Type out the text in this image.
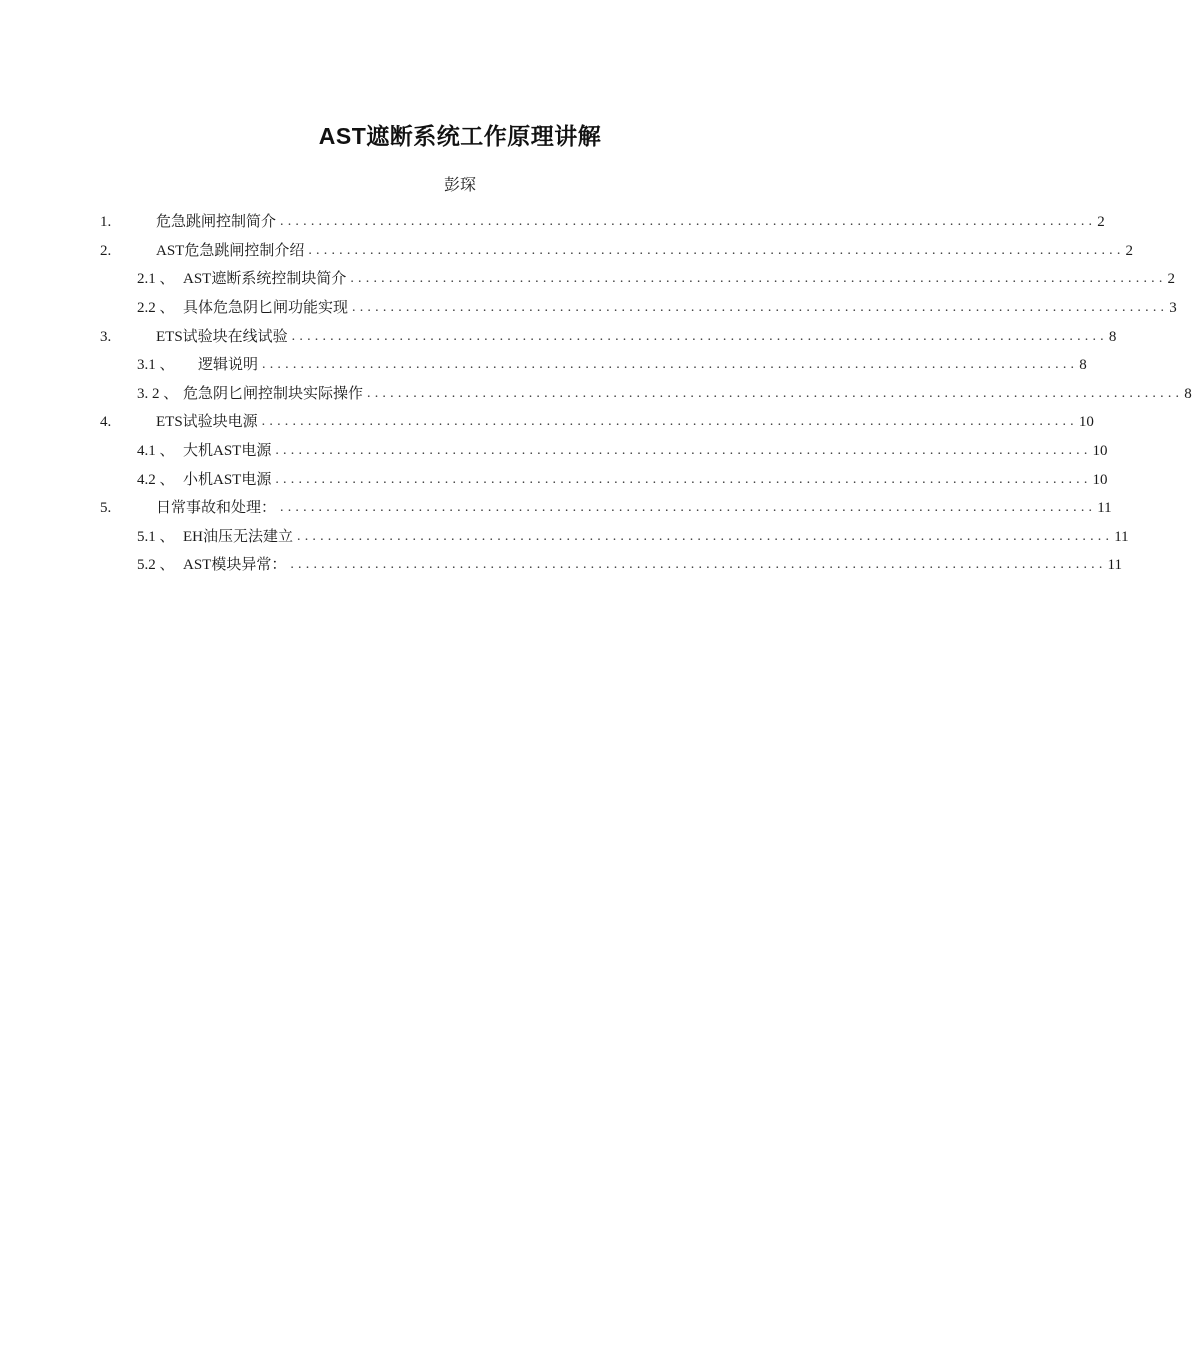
AST遮断系统工作原理讲解
彭琛
1.	危急跳闸控制简介 .......................................................................................................... 2
2.	AST危急跳闸控制介绍 .......................................................................................................... 2
2.1 、 AST遮断系统控制块简介 .......................................................................................................... 2
2.2 、 具体危急阴匕闸功能实现 .......................................................................................................... 3
3.	ETS试验块在线试验 .......................................................................................................... 8
3.1 、 　逻辑说明 .......................................................................................................... 8
3. 2 、 危急阴匕闸控制块实际操作 .......................................................................................................... 8
4.	ETS试验块电源 .......................................................................................................... 10
4.1 、 大机AST电源 .......................................................................................................... 10
4.2 、 小机AST电源 .......................................................................................................... 10
5.	日常事故和处理： .......................................................................................................... 11
5.1 、 EH油压无法建立 .......................................................................................................... 11
5.2 、 AST模块异常： .......................................................................................................... 11
